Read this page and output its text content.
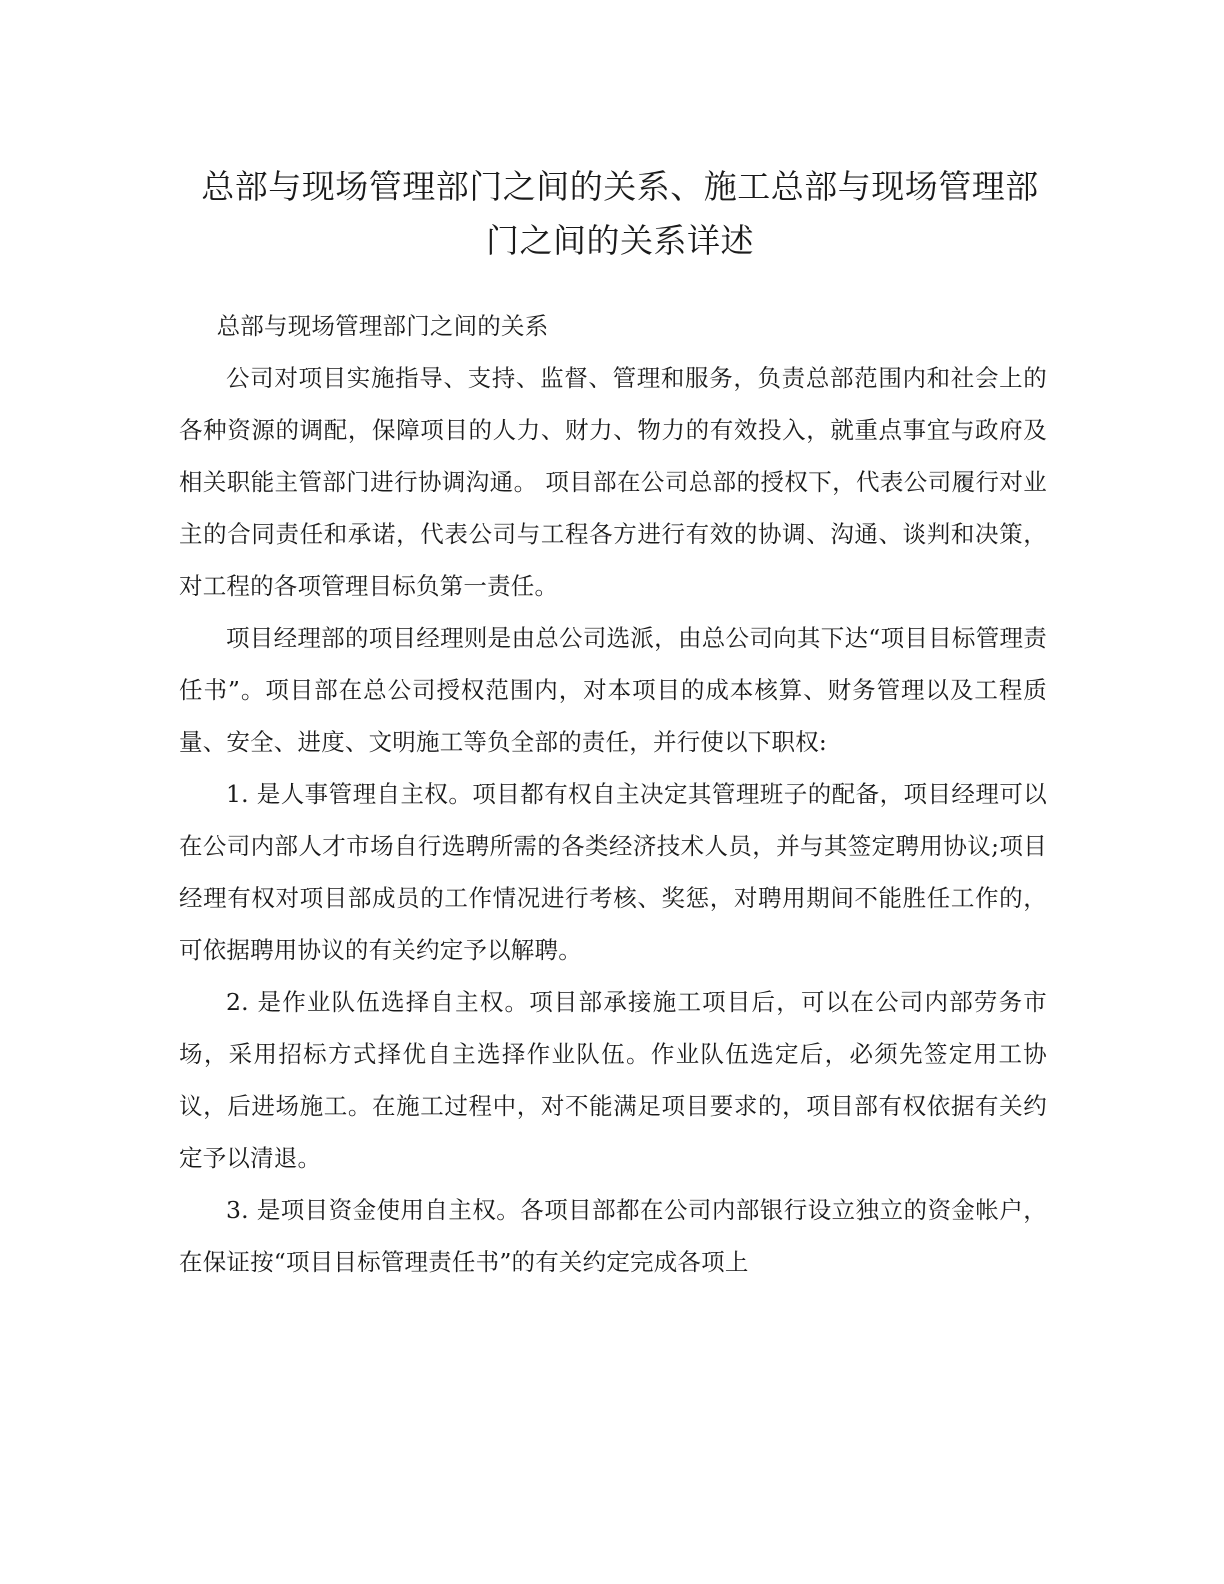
总部与现场管理部门之间的关系、施工总部与现场管理部
门之间的关系详述

总部与现场管理部门之间的关系

公司对项目实施指导、支持、监督、管理和服务，负责总部范围内和社会上的各种资源的调配，保障项目的人力、财力、物力的有效投入，就重点事宜与政府及相关职能主管部门进行协调沟通。 项目部在公司总部的授权下，代表公司履行对业主的合同责任和承诺，代表公司与工程各方进行有效的协调、沟通、谈判和决策，对工程的各项管理目标负第一责任。

项目经理部的项目经理则是由总公司选派，由总公司向其下达“项目目标管理责任书”。项目部在总公司授权范围内，对本项目的成本核算、财务管理以及工程质量、安全、进度、文明施工等负全部的责任，并行使以下职权:

1. 是人事管理自主权。项目都有权自主决定其管理班子的配备，项目经理可以在公司内部人才市场自行选聘所需的各类经济技术人员，并与其签定聘用协议;项目经理有权对项目部成员的工作情况进行考核、奖惩，对聘用期间不能胜任工作的，可依据聘用协议的有关约定予以解聘。

2. 是作业队伍选择自主权。项目部承接施工项目后，可以在公司内部劳务市场，采用招标方式择优自主选择作业队伍。作业队伍选定后，必须先签定用工协议，后进场施工。在施工过程中，对不能满足项目要求的，项目部有权依据有关约定予以清退。

3. 是项目资金使用自主权。各项目部都在公司内部银行设立独立的资金帐户，在保证按“项目目标管理责任书”的有关约定完成各项上
